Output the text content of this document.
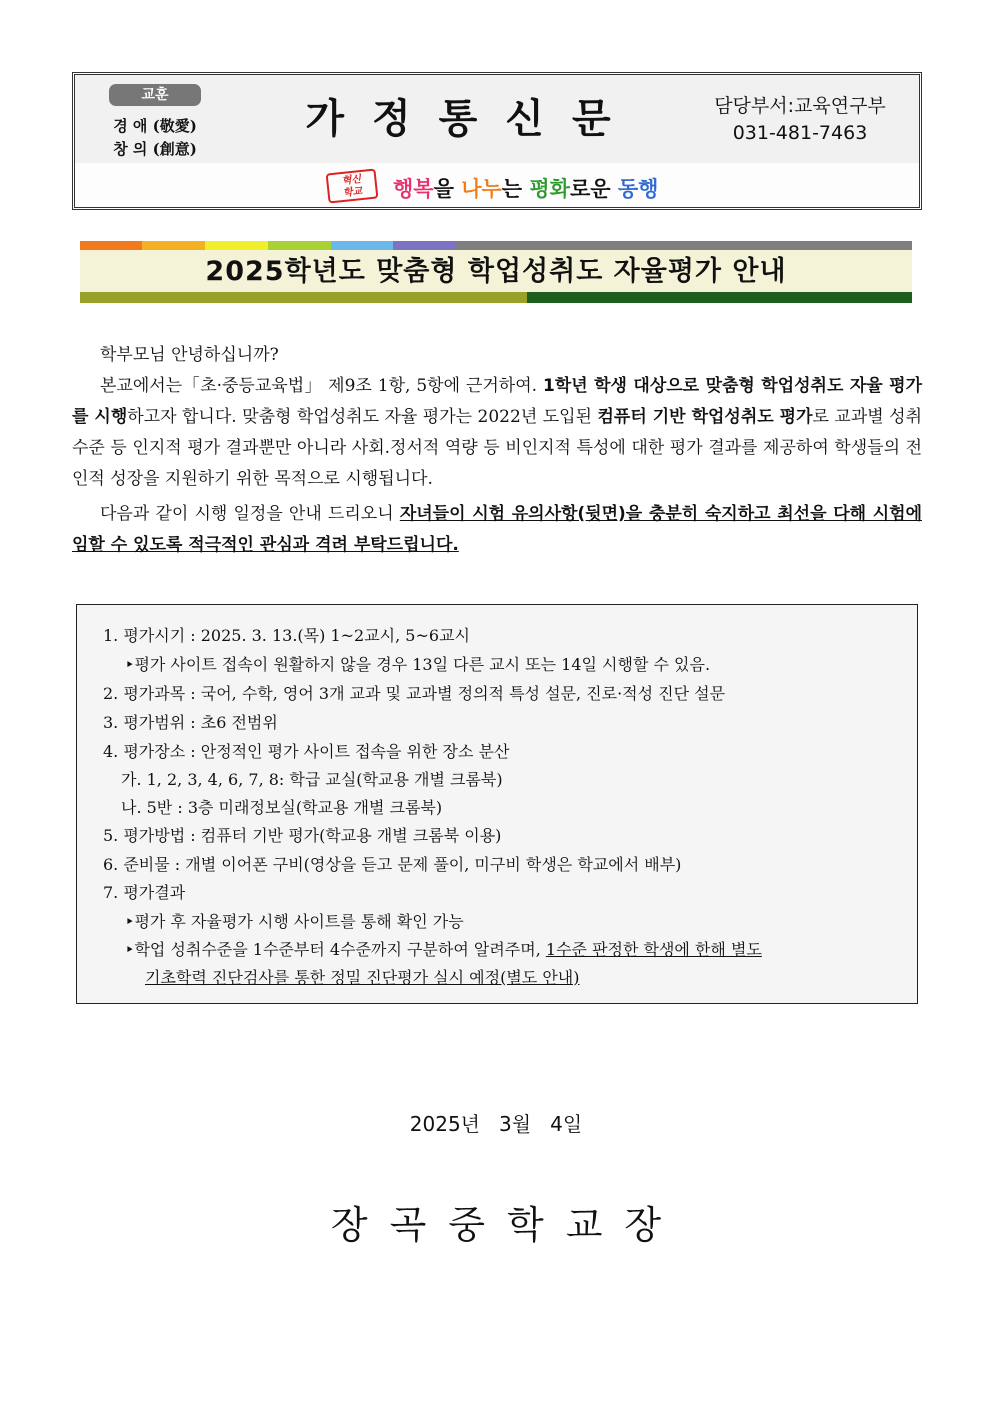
교훈
경 애 (敬愛)
창 의 (創意)
가정통신문	담당부서:교육연구부
031-481-7463
혁신
학교	행복을 나누는 평화로운 동행
2025학년도 맞춤형 학업성취도 자율평가 안내
학부모님 안녕하십니까?
본교에서는「초·중등교육법」 제9조 1항, 5항에 근거하여. 1학년 학생 대상으로 맞춤형 학업성취도 자율 평가를 시행하고자 합니다. 맞춤형 학업성취도 자율 평가는 2022년 도입된 컴퓨터 기반 학업성취도 평가로 교과별 성취 수준 등 인지적 평가 결과뿐만 아니라 사회.정서적 역량 등 비인지적 특성에 대한 평가 결과를 제공하여 학생들의 전인적 성장을 지원하기 위한 목적으로 시행됩니다.
다음과 같이 시행 일정을 안내 드리오니 자녀들이 시험 유의사항(뒷면)을 충분히 숙지하고 최선을 다해 시험에 임할 수 있도록 적극적인 관심과 격려 부탁드립니다.
1. 평가시기 : 2025. 3. 13.(목) 1~2교시, 5~6교시
‣평가 사이트 접속이 원활하지 않을 경우 13일 다른 교시 또는 14일 시행할 수 있음.
2. 평가과목 : 국어, 수학, 영어 3개 교과 및 교과별 정의적 특성 설문, 진로·적성 진단 설문
3. 평가범위 : 초6 전범위
4. 평가장소 : 안정적인 평가 사이트 접속을 위한 장소 분산
가. 1, 2, 3, 4, 6, 7, 8: 학급 교실(학교용 개별 크롬북)
나. 5반 : 3층 미래정보실(학교용 개별 크롬북)
5. 평가방법 : 컴퓨터 기반 평가(학교용 개별 크롬북 이용)
6. 준비물 : 개별 이어폰 구비(영상을 듣고 문제 풀이, 미구비 학생은 학교에서 배부)
7. 평가결과
‣평가 후 자율평가 시행 사이트를 통해 확인 가능
‣학업 성취수준을 1수준부터 4수준까지 구분하여 알려주며, 1수준 판정한 학생에 한해 별도
기초학력 진단검사를 통한 정밀 진단평가 실시 예정(별도 안내)
2025년   3월   4일
장곡중학교장
